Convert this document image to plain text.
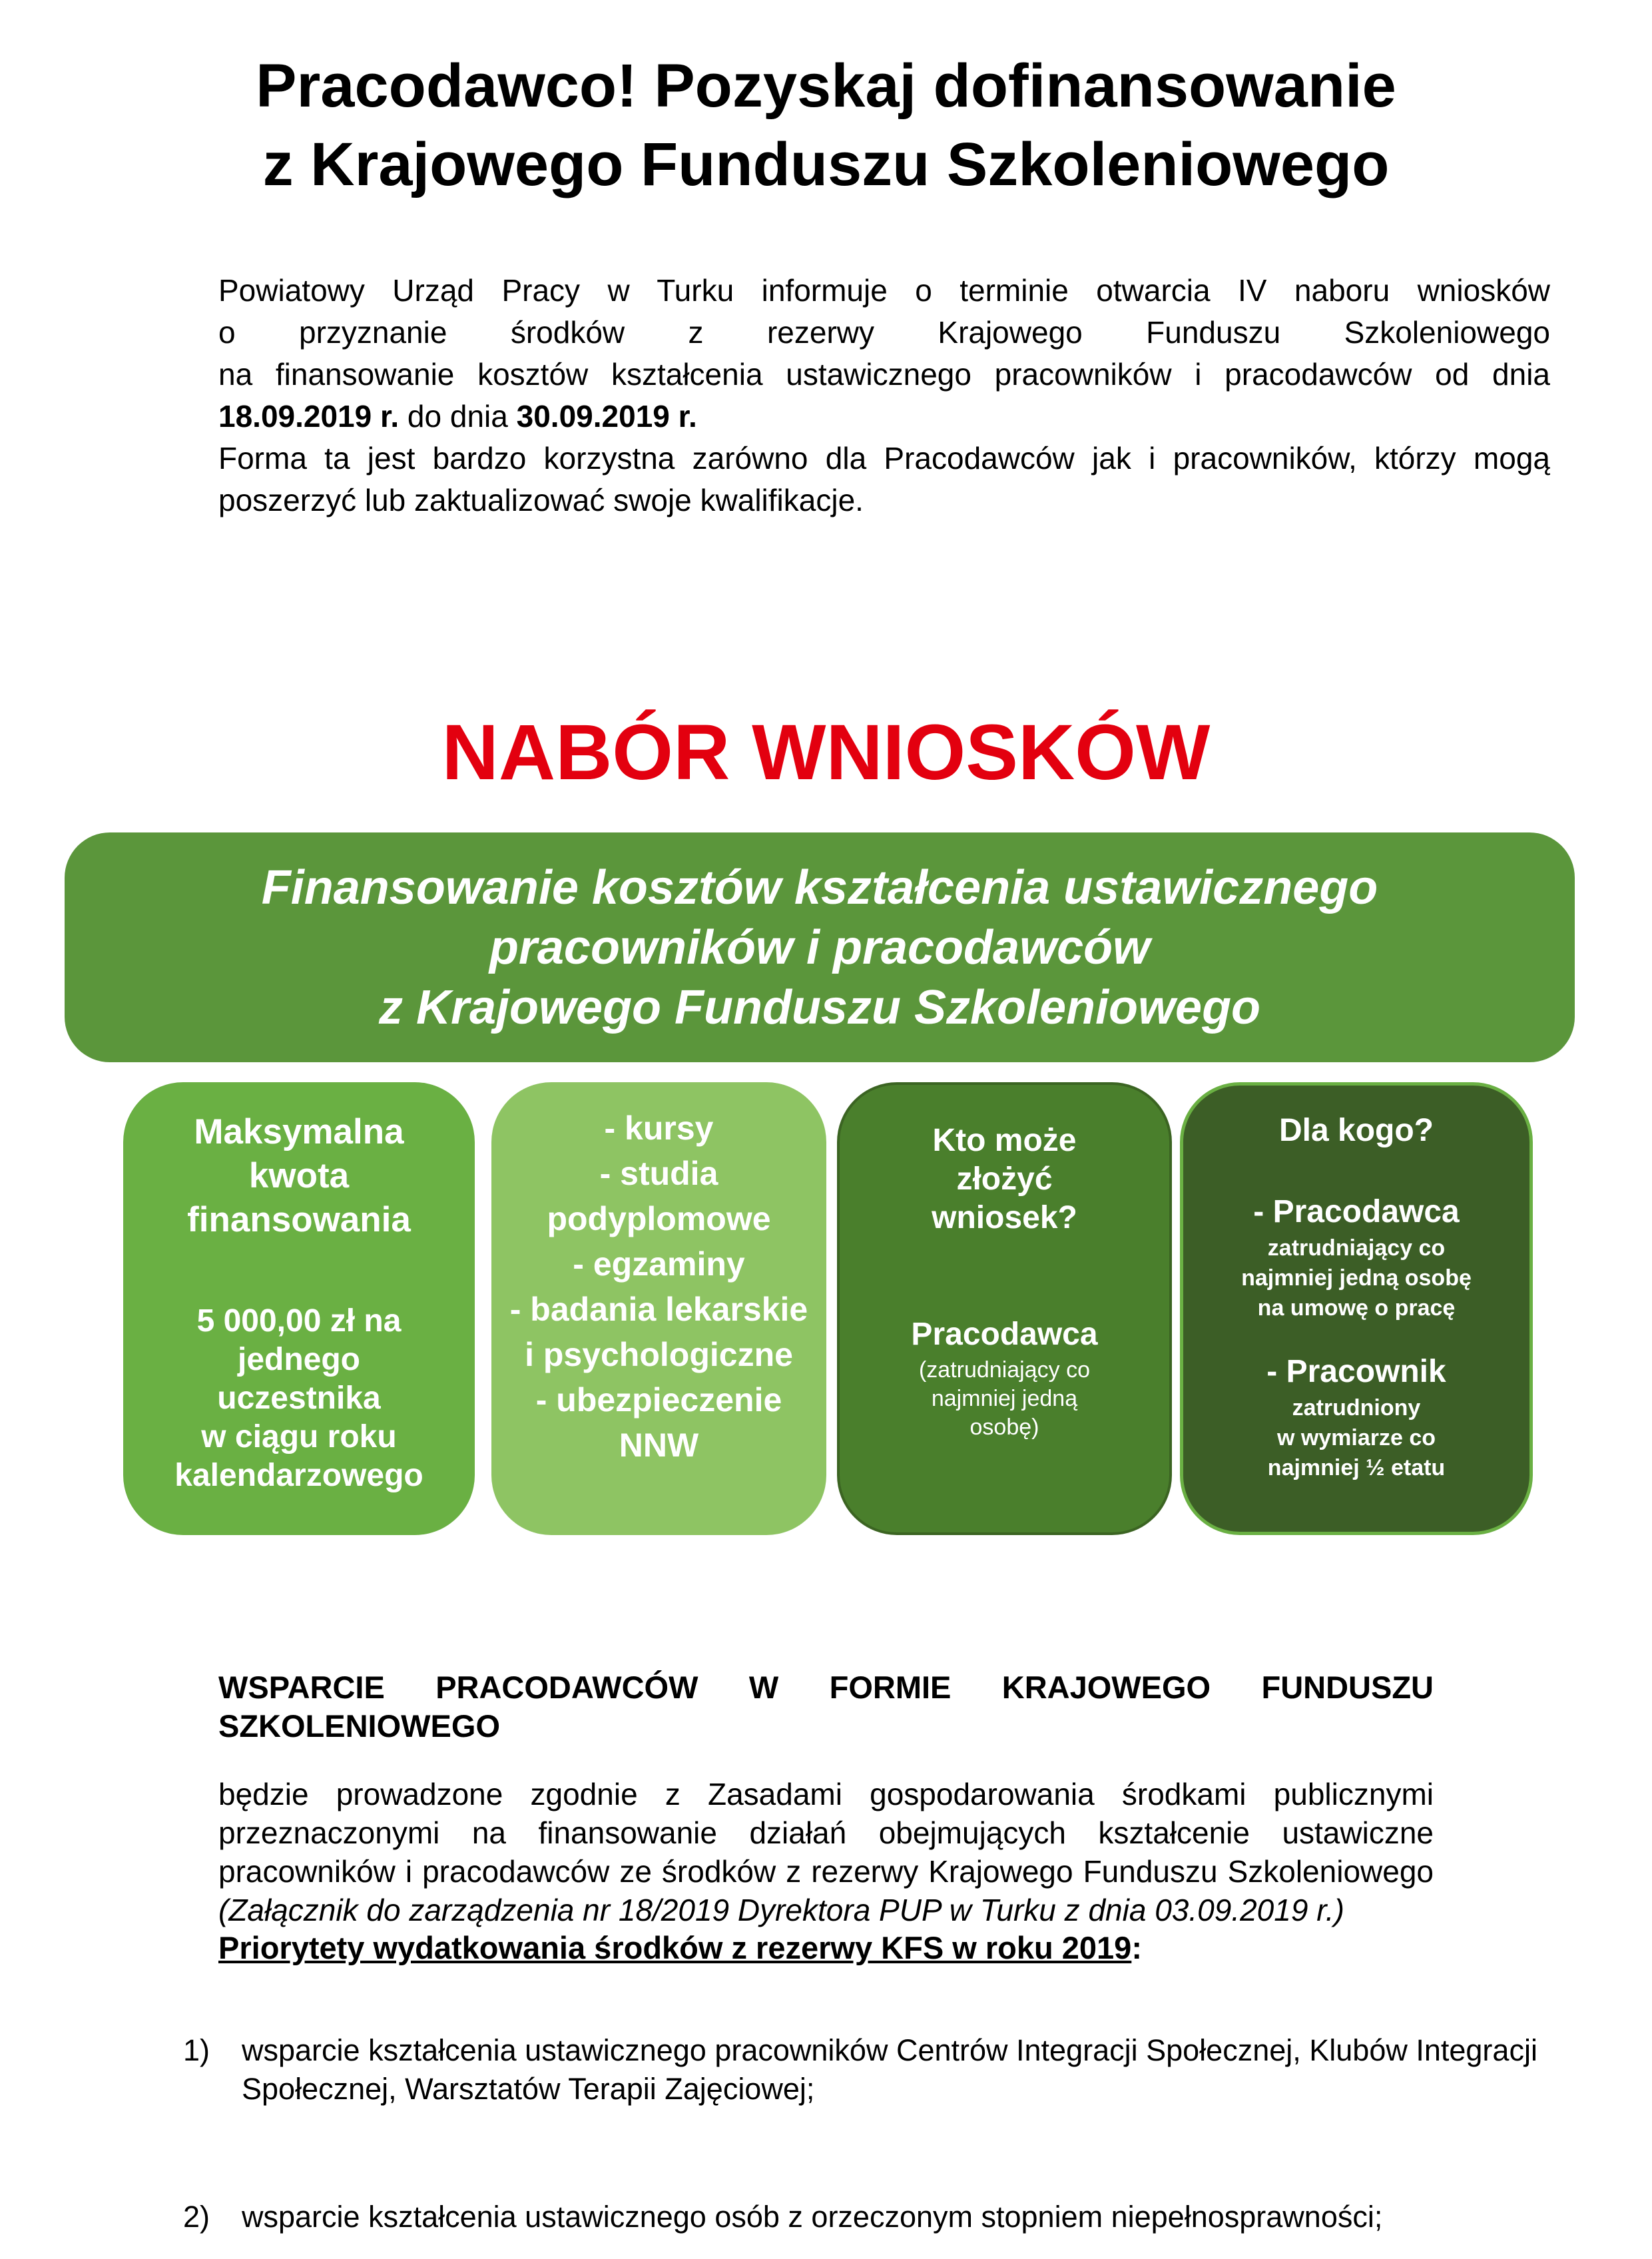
Pracodawco! Pozyskaj dofinansowanie
z Krajowego Funduszu Szkoleniowego

Powiatowy Urząd Pracy w Turku informuje o terminie otwarcia IV naboru wniosków

o przyznanie środków z rezerwy Krajowego Funduszu Szkoleniowego

na finansowanie kosztów kształcenia ustawicznego pracowników i pracodawców od dnia

18.09.2019 r. do dnia 30.09.2019 r.

Forma ta jest bardzo korzystna zarówno dla Pracodawców jak i pracowników, którzy mogą poszerzyć lub zaktualizować swoje kwalifikacje.

NABÓR WNIOSKÓW
Finansowanie kosztów kształcenia ustawicznego
pracowników i pracodawców
z Krajowego Funduszu Szkoleniowego
Maksymalna
kwota
finansowania
5 000,00 zł na
jednego
uczestnika
w ciągu roku
kalendarzowego
- kursy
- studia
podyplomowe
- egzaminy
- badania lekarskie
i psychologiczne
- ubezpieczenie
NNW
Kto może
złożyć
wniosek?
Pracodawca
(zatrudniający co
najmniej jedną
osobę)
Dla kogo?
- Pracodawca
zatrudniający co
najmniej jedną osobę
na umowę o pracę
- Pracownik
zatrudniony
w wymiarze co
najmniej ½ etatu
WSPARCIE PRACODAWCÓW W FORMIE KRAJOWEGO FUNDUSZU
SZKOLENIOWEGO
będzie prowadzone zgodnie z Zasadami gospodarowania środkami publicznymi przeznaczonymi na finansowanie działań obejmujących kształcenie ustawiczne pracowników i pracodawców ze środków z rezerwy Krajowego Funduszu Szkoleniowego (Załącznik do zarządzenia nr 18/2019 Dyrektora PUP w Turku z dnia 03.09.2019 r.)
Priorytety wydatkowania środków z rezerwy KFS w roku 2019:
1) wsparcie kształcenia ustawicznego pracowników Centrów Integracji Społecznej, Klubów Integracji Społecznej, Warsztatów Terapii Zajęciowej;
2) wsparcie kształcenia ustawicznego osób z orzeczonym stopniem niepełnosprawności;
